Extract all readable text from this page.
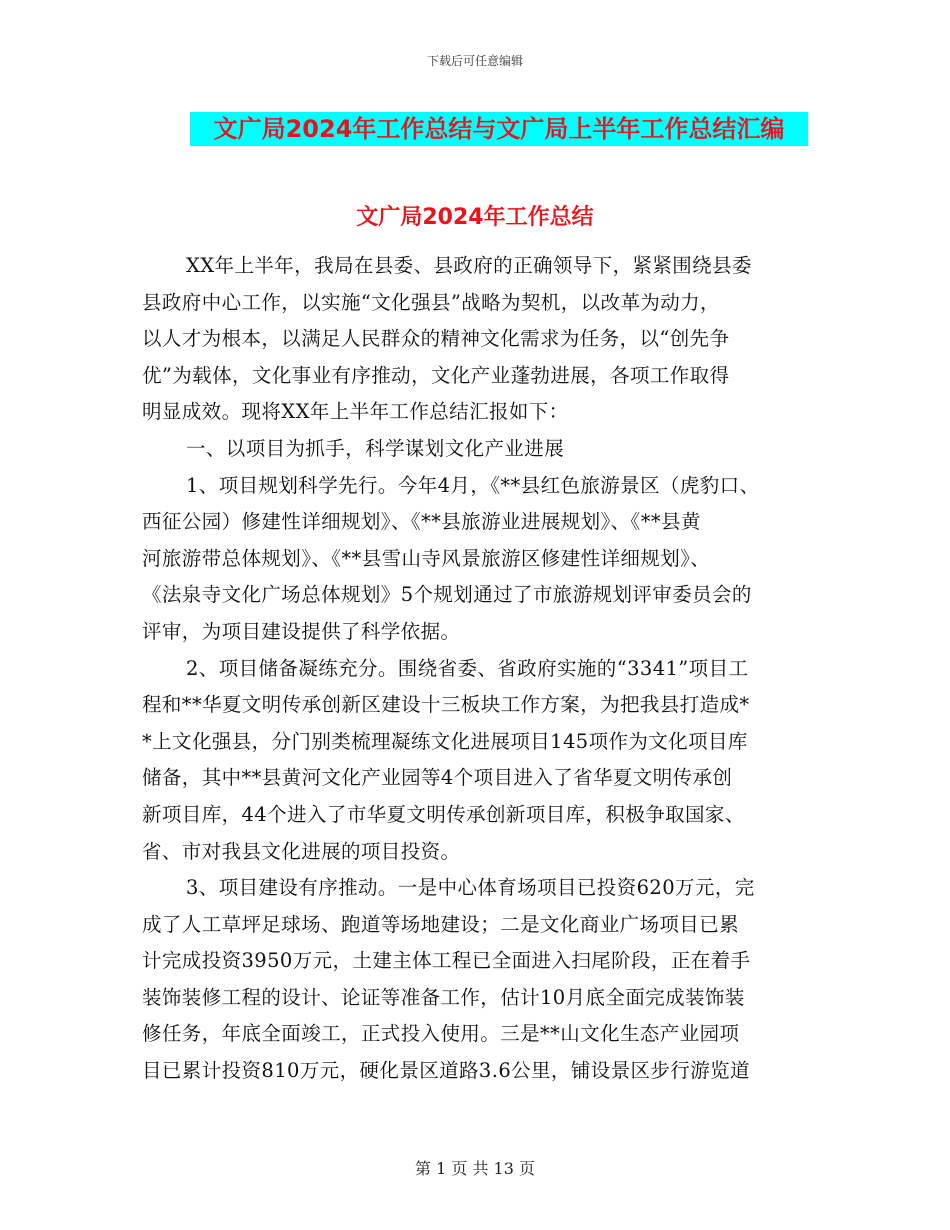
下载后可任意编辑
文广局2024年工作总结与文广局上半年工作总结汇编
文广局2024年工作总结
XX年上半年，我局在县委、县政府的正确领导下，紧紧围绕县委
县政府中心工作，以实施“文化强县”战略为契机，以改革为动力，
以人才为根本，以满足人民群众的精神文化需求为任务，以“创先争
优”为载体，文化事业有序推动，文化产业蓬勃进展，各项工作取得
明显成效。现将XX年上半年工作总结汇报如下：
一、以项目为抓手，科学谋划文化产业进展
1、项目规划科学先行。今年4月，《**县红色旅游景区（虎豹口、
西征公园）修建性详细规划》、《**县旅游业进展规划》、《**县黄
河旅游带总体规划》、《**县雪山寺风景旅游区修建性详细规划》、
《法泉寺文化广场总体规划》5个规划通过了市旅游规划评审委员会的
评审，为项目建设提供了科学依据。
2、项目储备凝练充分。围绕省委、省政府实施的“3341”项目工
程和**华夏文明传承创新区建设十三板块工作方案，为把我县打造成*
*上文化强县，分门别类梳理凝练文化进展项目145项作为文化项目库
储备，其中**县黄河文化产业园等4个项目进入了省华夏文明传承创
新项目库，44个进入了市华夏文明传承创新项目库，积极争取国家、
省、市对我县文化进展的项目投资。
3、项目建设有序推动。一是中心体育场项目已投资620万元，完
成了人工草坪足球场、跑道等场地建设；二是文化商业广场项目已累
计完成投资3950万元，土建主体工程已全面进入扫尾阶段，正在着手
装饰装修工程的设计、论证等准备工作，估计10月底全面完成装饰装
修任务，年底全面竣工，正式投入使用。三是**山文化生态产业园项
目已累计投资810万元，硬化景区道路3.6公里，铺设景区步行游览道
第 1 页 共 13 页
